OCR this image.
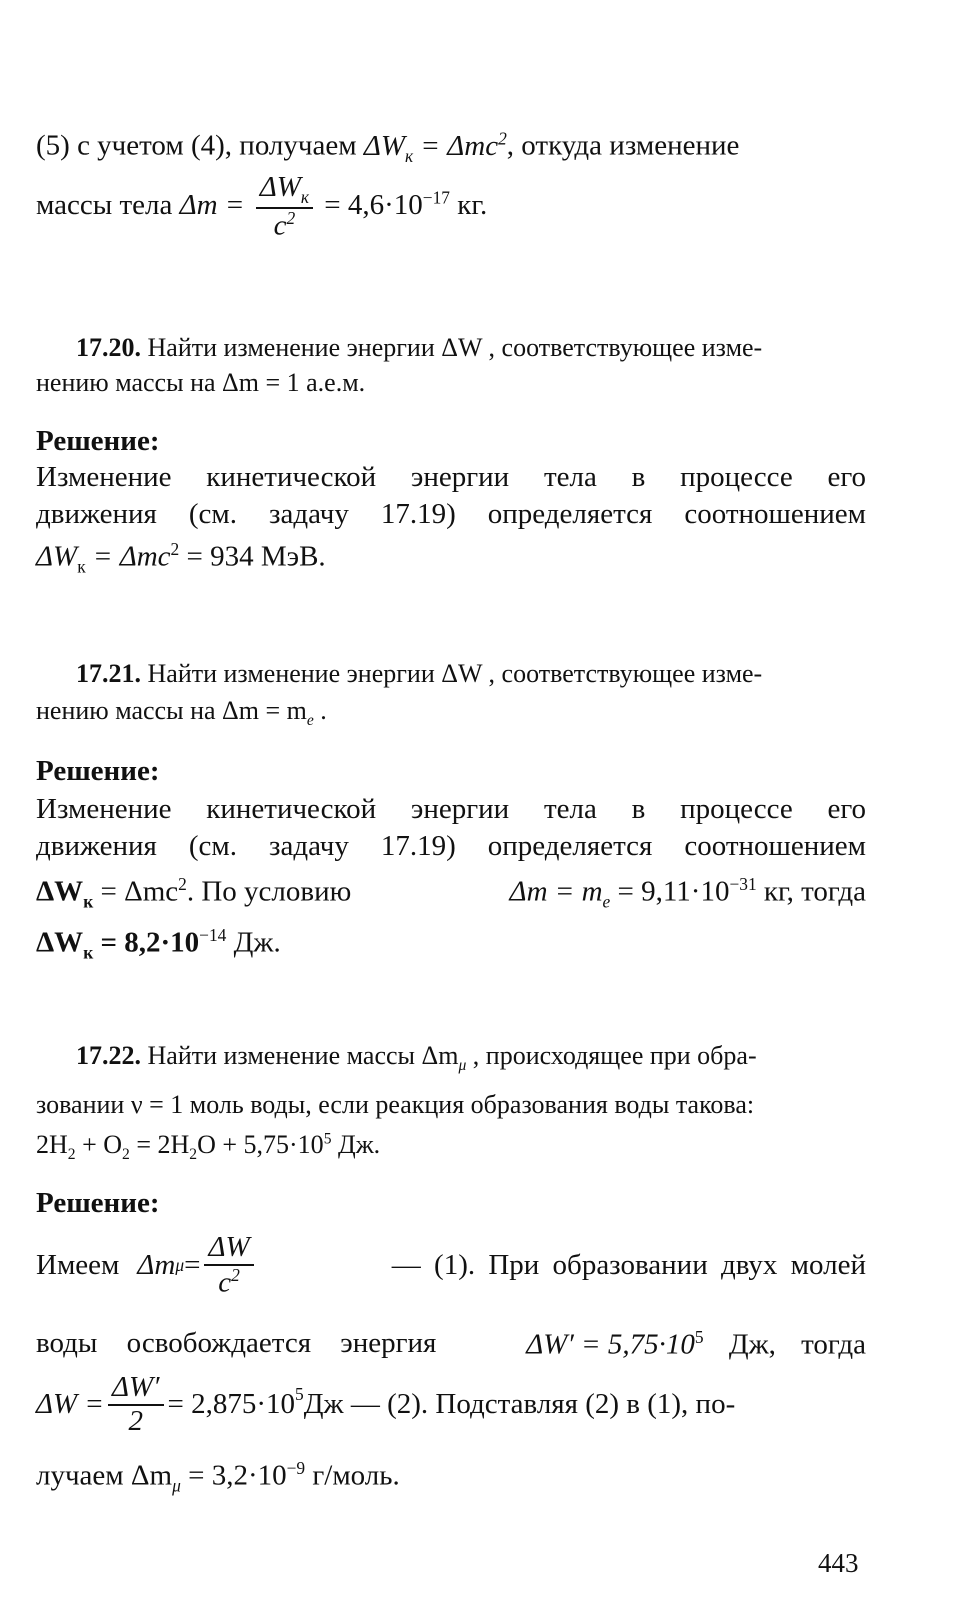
(5) с учетом (4), получаем $\Delta W_к = \Delta mc^2$, откуда изменение
массы тела $\Delta m = \frac{\Delta W_к}{c^2} = 4,6\cdot 10^{-17}$ кг.
17.20. Найти изменение энергии ΔW , соответствующее изме-
нению массы на Δm = 1 а.е.м.
Решение:
Изменение кинетической энергии тела в процессе его
движения (см. задачу 17.19) определяется соотношением
$\Delta W_к = \Delta mc^2 = 934$ МэВ.
17.21. Найти изменение энергии ΔW , соответствующее изме-
нению массы на $\Delta m = m_e$ .
Решение:
Изменение кинетической энергии тела в процессе его
движения (см. задачу 17.19) определяется соотношением
$\Delta W_к = \Delta mc^2$. По условию	$\Delta m = m_e = 9,11\cdot 10^{-31}$ кг, тогда
$\Delta W_к = 8,2\cdot 10^{-14}$ Дж.
17.22. Найти изменение массы $\Delta m_\mu$ , происходящее при обра-
зовании ν = 1 моль воды, если реакция образования воды такова:
$2H_2 + O_2 = 2H_2O + 5,75\cdot 10^5$ Дж.
Решение:
Имеем Δm $\mu = \frac{\Delta W}{c^2}$	— (1). При образовании двух молей
воды освобождается энергия	$\Delta W' = 5,75\cdot 10^5$ Дж, тогда
$\Delta W = \frac{\Delta W'}{2} = 2,875\cdot 10^5$ Дж — (2). Подставляя (2) в (1), по-
лучаем $\Delta m_\mu = 3,2\cdot 10^{-9}$ г/моль.
443
